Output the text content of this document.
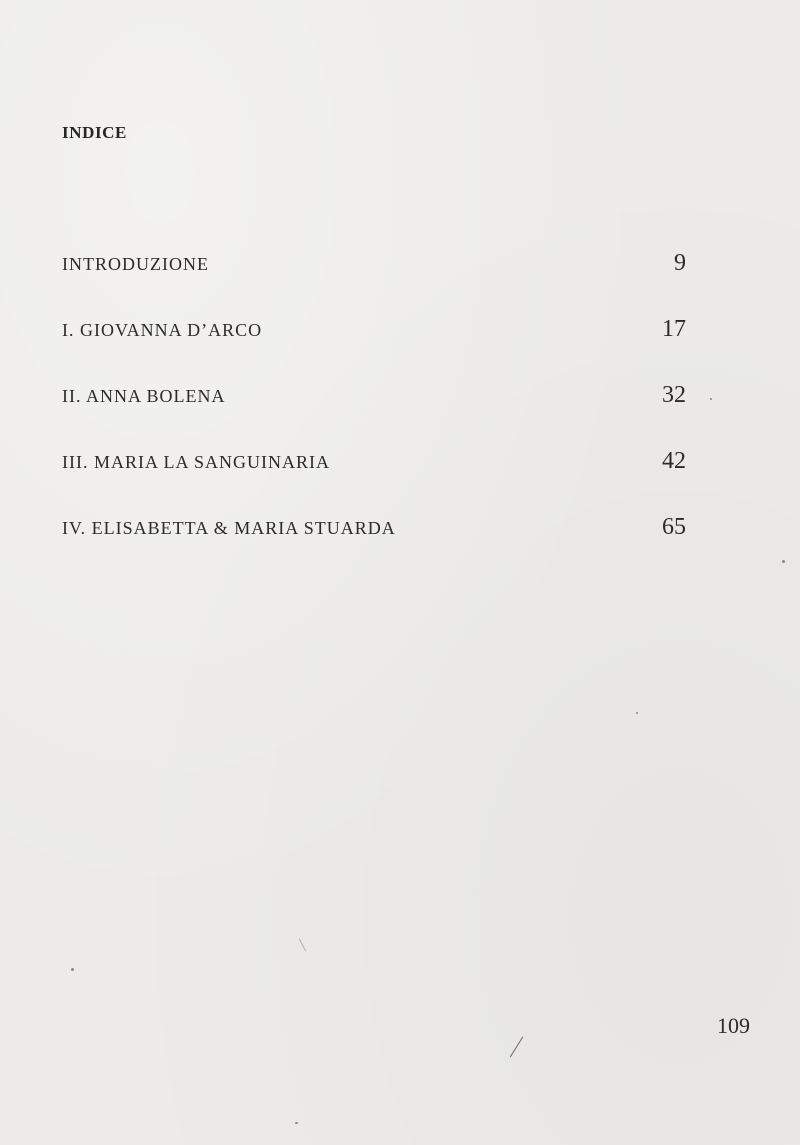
INDICE
INTRODUZIONE	9
I. GIOVANNA D’ARCO	17
II. ANNA BOLENA	32
III. MARIA LA SANGUINARIA	42
IV. ELISABETTA & MARIA STUARDA	65
109
